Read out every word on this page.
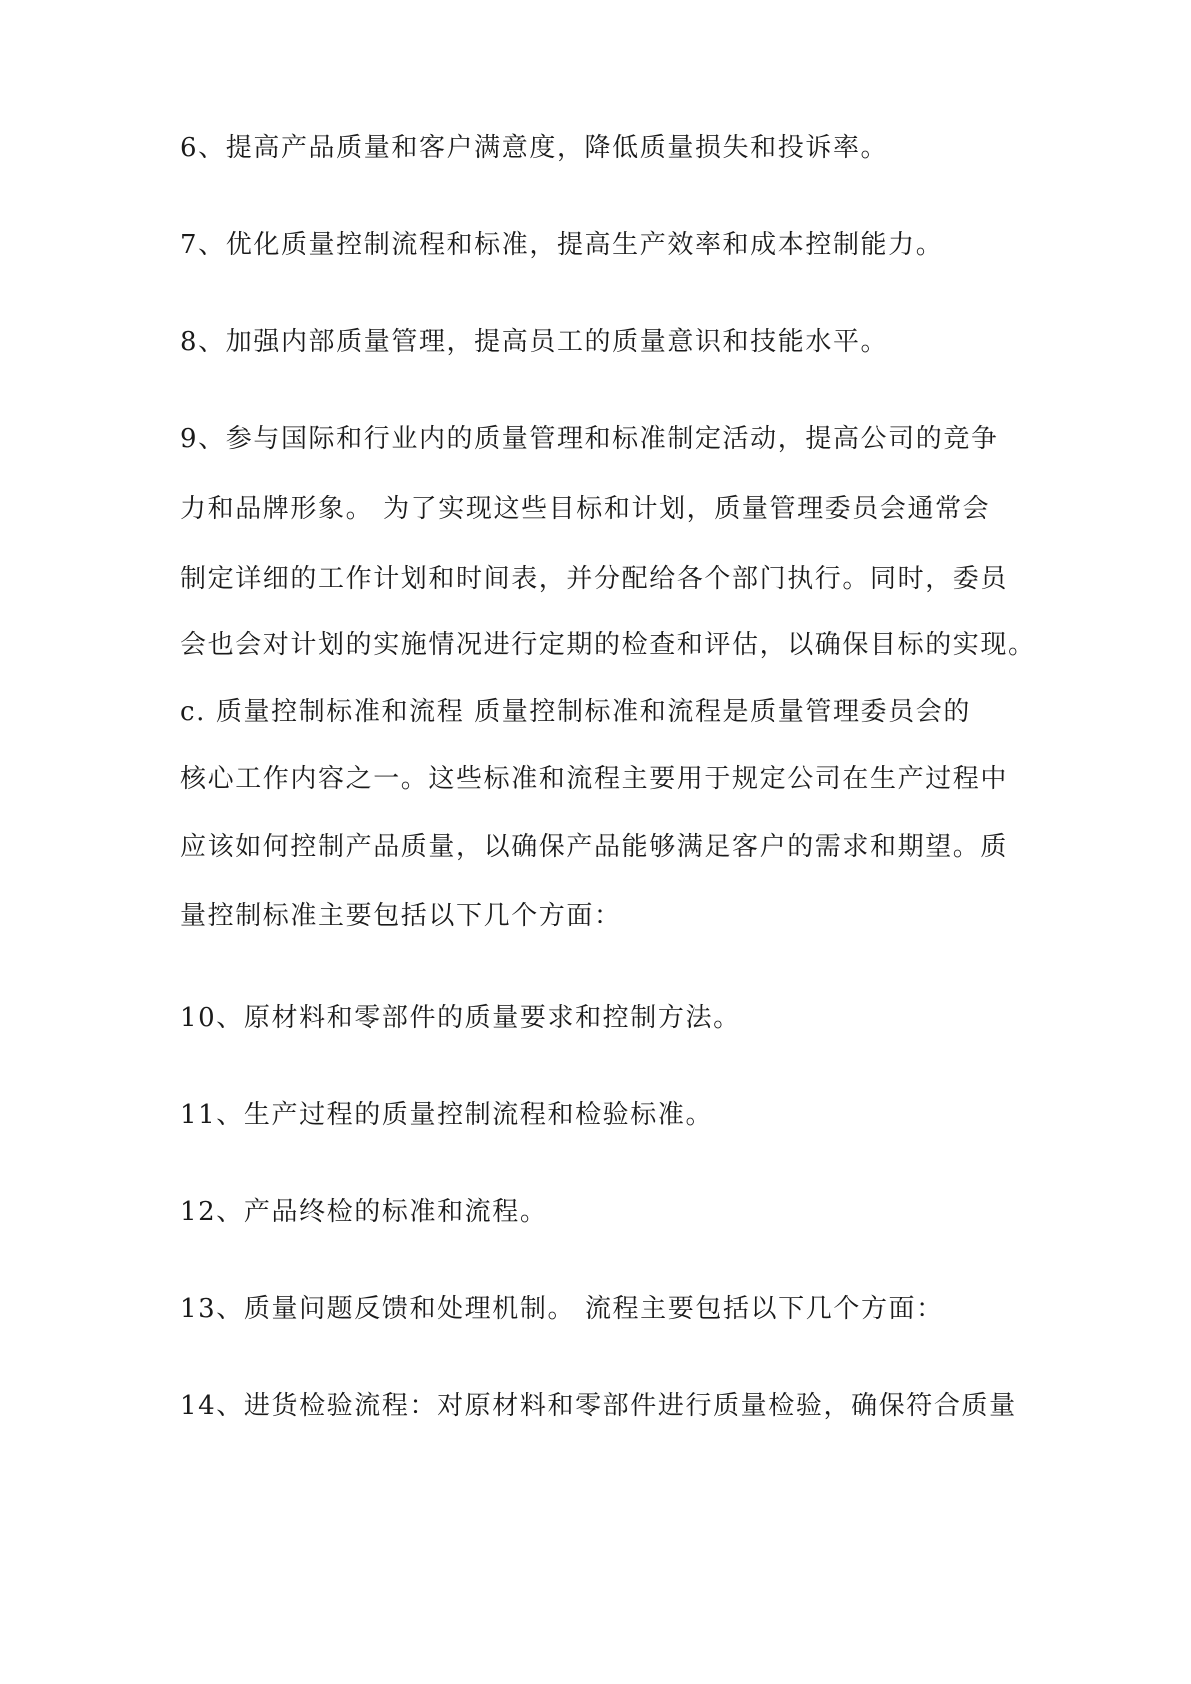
6、提高产品质量和客户满意度，降低质量损失和投诉率。
7、优化质量控制流程和标准，提高生产效率和成本控制能力。
8、加强内部质量管理，提高员工的质量意识和技能水平。
9、参与国际和行业内的质量管理和标准制定活动，提高公司的竞争
力和品牌形象。 为了实现这些目标和计划，质量管理委员会通常会
制定详细的工作计划和时间表，并分配给各个部门执行。同时，委员
会也会对计划的实施情况进行定期的检查和评估，以确保目标的实现。
c. 质量控制标准和流程 质量控制标准和流程是质量管理委员会的
核心工作内容之一。这些标准和流程主要用于规定公司在生产过程中
应该如何控制产品质量，以确保产品能够满足客户的需求和期望。质
量控制标准主要包括以下几个方面：
10、原材料和零部件的质量要求和控制方法。
11、生产过程的质量控制流程和检验标准。
12、产品终检的标准和流程。
13、质量问题反馈和处理机制。 流程主要包括以下几个方面：
14、进货检验流程：对原材料和零部件进行质量检验，确保符合质量
